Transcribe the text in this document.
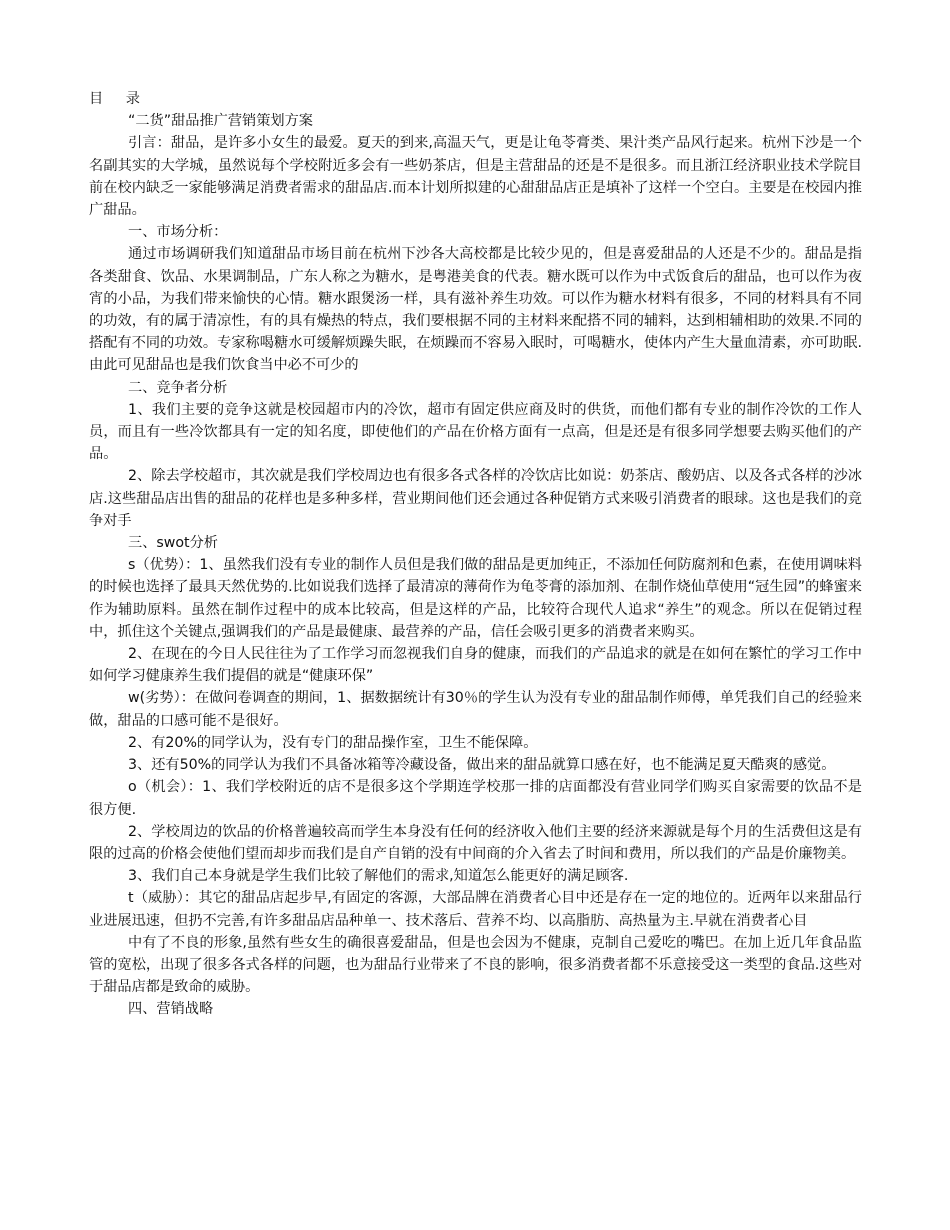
目 录

“二货”甜品推广营销策划方案

引言：甜品，是许多小女生的最爱。夏天的到来,高温天气，更是让龟苓膏类、果汁类产品风行起来。杭州下沙是一个名副其实的大学城，虽然说每个学校附近多会有一些奶茶店，但是主营甜品的还是不是很多。而且浙江经济职业技术学院目前在校内缺乏一家能够满足消费者需求的甜品店.而本计划所拟建的心甜甜品店正是填补了这样一个空白。主要是在校园内推广甜品。

一、市场分析：

通过市场调研我们知道甜品市场目前在杭州下沙各大高校都是比较少见的，但是喜爱甜品的人还是不少的。甜品是指各类甜食、饮品、水果调制品，广东人称之为糖水，是粤港美食的代表。糖水既可以作为中式饭食后的甜品，也可以作为夜宵的小品，为我们带来愉快的心情。糖水跟煲汤一样，具有滋补养生功效。可以作为糖水材料有很多，不同的材料具有不同的功效，有的属于清凉性，有的具有燥热的特点，我们要根据不同的主材料来配搭不同的辅料，达到相辅相助的效果.不同的搭配有不同的功效。专家称喝糖水可缓解烦躁失眠，在烦躁而不容易入眠时，可喝糖水，使体内产生大量血清素，亦可助眠.由此可见甜品也是我们饮食当中必不可少的

二、竞争者分析

1、我们主要的竞争这就是校园超市内的冷饮，超市有固定供应商及时的供货，而他们都有专业的制作冷饮的工作人员，而且有一些冷饮都具有一定的知名度，即使他们的产品在价格方面有一点高，但是还是有很多同学想要去购买他们的产品。

2、除去学校超市，其次就是我们学校周边也有很多各式各样的冷饮店比如说：奶茶店、酸奶店、以及各式各样的沙冰店.这些甜品店出售的甜品的花样也是多种多样，营业期间他们还会通过各种促销方式来吸引消费者的眼球。这也是我们的竞争对手

三、swot分析

s（优势）：1、虽然我们没有专业的制作人员但是我们做的甜品是更加纯正，不添加任何防腐剂和色素，在使用调味料的时候也选择了最具天然优势的.比如说我们选择了最清凉的薄荷作为龟苓膏的添加剂、在制作烧仙草使用“冠生园”的蜂蜜来作为辅助原料。虽然在制作过程中的成本比较高，但是这样的产品，比较符合现代人追求“养生”的观念。所以在促销过程中，抓住这个关键点,强调我们的产品是最健康、最营养的产品，信任会吸引更多的消费者来购买。

2、在现在的今日人民往往为了工作学习而忽视我们自身的健康，而我们的产品追求的就是在如何在繁忙的学习工作中如何学习健康养生我们提倡的就是“健康环保”

w(劣势）：在做问卷调查的期间，1、据数据统计有30％的学生认为没有专业的甜品制作师傅，单凭我们自己的经验来做，甜品的口感可能不是很好。

2、有20%的同学认为，没有专门的甜品操作室，卫生不能保障。

3、还有50%的同学认为我们不具备冰箱等冷藏设备，做出来的甜品就算口感在好，也不能满足夏天酷爽的感觉。

o（机会）：1、我们学校附近的店不是很多这个学期连学校那一排的店面都没有营业同学们购买自家需要的饮品不是很方便.

2、学校周边的饮品的价格普遍较高而学生本身没有任何的经济收入他们主要的经济来源就是每个月的生活费但这是有限的过高的价格会使他们望而却步而我们是自产自销的没有中间商的介入省去了时间和费用，所以我们的产品是价廉物美。

3、我们自己本身就是学生我们比较了解他们的需求,知道怎么能更好的满足顾客.

t（威胁）：其它的甜品店起步早,有固定的客源，大部品牌在消费者心目中还是存在一定的地位的。近两年以来甜品行业进展迅速，但扔不完善,有许多甜品店品种单一、技术落后、营养不均、以高脂肪、高热量为主.早就在消费者心目

中有了不良的形象,虽然有些女生的确很喜爱甜品，但是也会因为不健康，克制自己爱吃的嘴巴。在加上近几年食品监管的宽松，出现了很多各式各样的问题，也为甜品行业带来了不良的影响，很多消费者都不乐意接受这一类型的食品.这些对于甜品店都是致命的威胁。

四、营销战略
